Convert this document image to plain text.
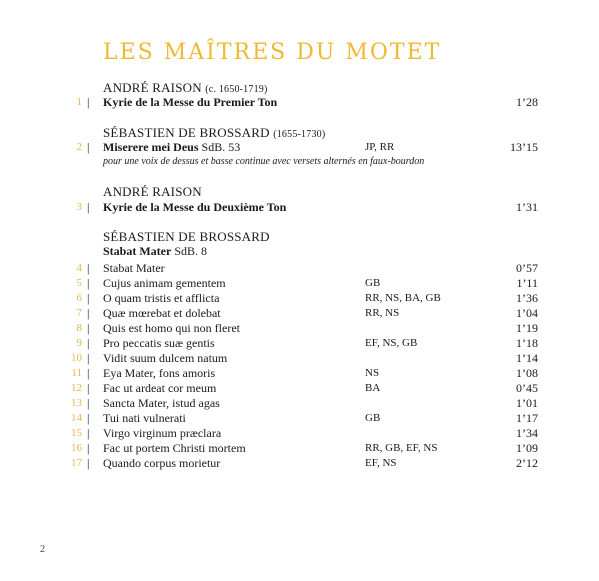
LES MAÎTRES DU MOTET
ANDRÉ RAISON (c. 1650-1719)
1 | Kyrie de la Messe du Premier Ton	1’28
SÉBASTIEN DE BROSSARD (1655-1730)
2 | Miserere mei Deus SdB. 53	JP, RR	13’15
pour une voix de dessus et basse continue avec versets alternés en faux-bourdon
ANDRÉ RAISON
3 | Kyrie de la Messe du Deuxième Ton	1’31
SÉBASTIEN DE BROSSARD
Stabat Mater SdB. 8
4 | Stabat Mater	0’57
5 | Cujus animam gementem	GB	1’11
6 | O quam tristis et afflicta	RR, NS, BA, GB	1’36
7 | Quæ mœrebat et dolebat	RR, NS	1’04
8 | Quis est homo qui non fleret	1’19
9 | Pro peccatis suæ gentis	EF, NS, GB	1’18
10 | Vidit suum dulcem natum	1’14
11 | Eya Mater, fons amoris	NS	1’08
12 | Fac ut ardeat cor meum	BA	0’45
13 | Sancta Mater, istud agas	1’01
14 | Tui nati vulnerati	GB	1’17
15 | Virgo virginum præclara	1’34
16 | Fac ut portem Christi mortem	RR, GB, EF, NS	1’09
17 | Quando corpus morietur	EF, NS	2’12
2
